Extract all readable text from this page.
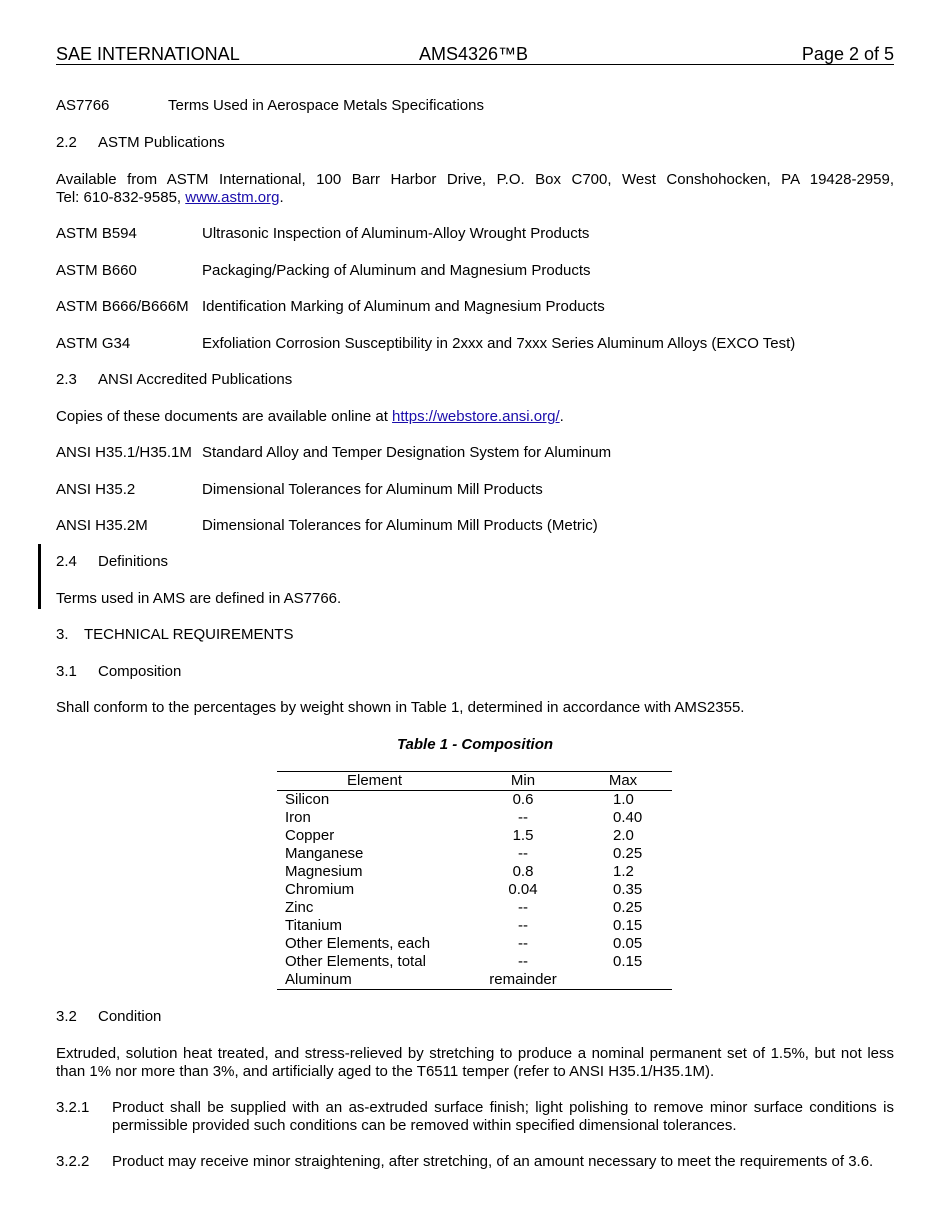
SAE INTERNATIONAL	AMS4326™B	Page 2 of 5
AS7766	Terms Used in Aerospace Metals Specifications
2.2 ASTM Publications
Available from ASTM International, 100 Barr Harbor Drive, P.O. Box C700, West Conshohocken, PA 19428-2959,
Tel: 610-832-9585, www.astm.org.
ASTM B594	Ultrasonic Inspection of Aluminum-Alloy Wrought Products
ASTM B660	Packaging/Packing of Aluminum and Magnesium Products
ASTM B666/B666M Identification Marking of Aluminum and Magnesium Products
ASTM G34	Exfoliation Corrosion Susceptibility in 2xxx and 7xxx Series Aluminum Alloys (EXCO Test)
2.3 ANSI Accredited Publications
Copies of these documents are available online at https://webstore.ansi.org/.
ANSI H35.1/H35.1M Standard Alloy and Temper Designation System for Aluminum
ANSI H35.2	Dimensional Tolerances for Aluminum Mill Products
ANSI H35.2M	Dimensional Tolerances for Aluminum Mill Products (Metric)
2.4 Definitions
Terms used in AMS are defined in AS7766.
3. TECHNICAL REQUIREMENTS
3.1 Composition
Shall conform to the percentages by weight shown in Table 1, determined in accordance with AMS2355.
Table 1 - Composition
Element	Min	Max
Silicon	0.6	1.0
Iron	--	0.40
Copper	1.5	2.0
Manganese	--	0.25
Magnesium	0.8	1.2
Chromium	0.04	0.35
Zinc	--	0.25
Titanium	--	0.15
Other Elements, each	--	0.05
Other Elements, total	--	0.15
Aluminum	remainder
3.2 Condition
Extruded, solution heat treated, and stress-relieved by stretching to produce a nominal permanent set of 1.5%, but not less
than 1% nor more than 3%, and artificially aged to the T6511 temper (refer to ANSI H35.1/H35.1M).
3.2.1 Product shall be supplied with an as-extruded surface finish; light polishing to remove minor surface conditions is
permissible provided such conditions can be removed within specified dimensional tolerances.
3.2.2 Product may receive minor straightening, after stretching, of an amount necessary to meet the requirements of 3.6.
